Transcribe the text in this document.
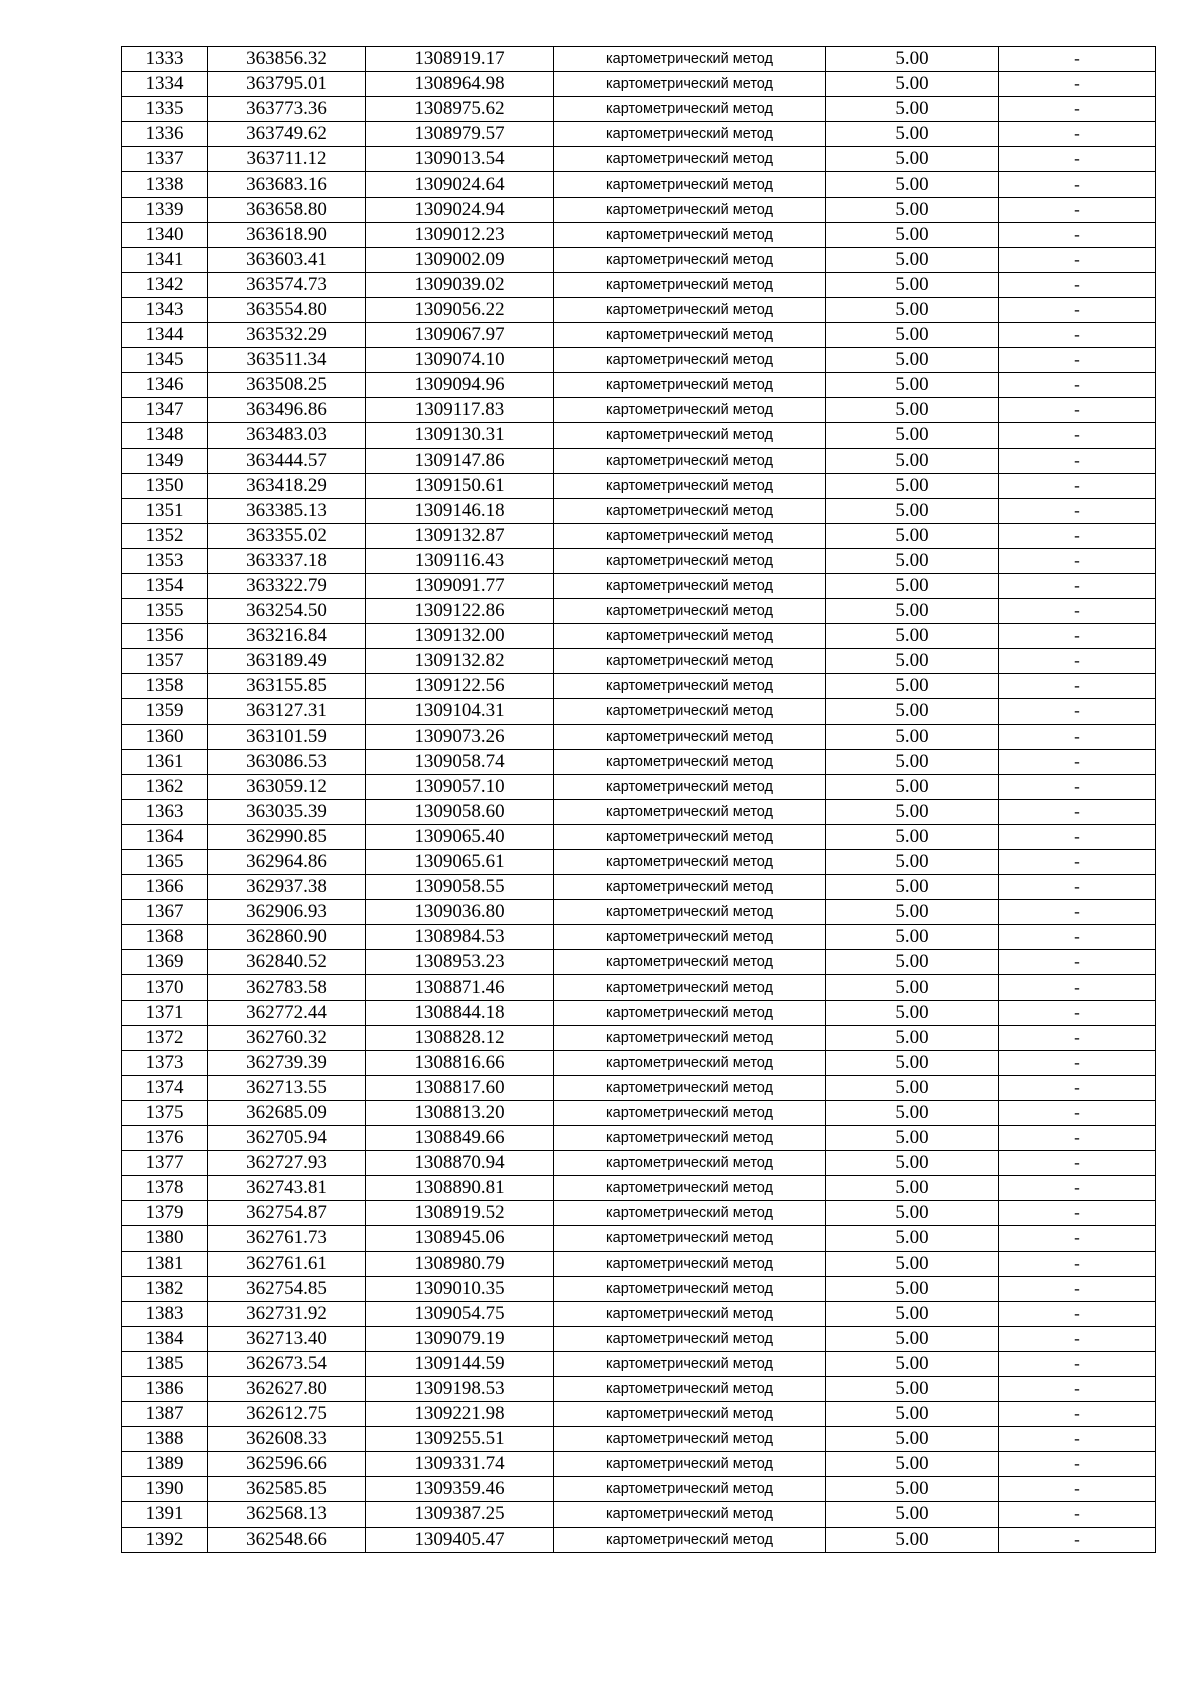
1333	363856.32	1308919.17	картометрический метод	5.00	-
1334	363795.01	1308964.98	картометрический метод	5.00	-
1335	363773.36	1308975.62	картометрический метод	5.00	-
1336	363749.62	1308979.57	картометрический метод	5.00	-
1337	363711.12	1309013.54	картометрический метод	5.00	-
1338	363683.16	1309024.64	картометрический метод	5.00	-
1339	363658.80	1309024.94	картометрический метод	5.00	-
1340	363618.90	1309012.23	картометрический метод	5.00	-
1341	363603.41	1309002.09	картометрический метод	5.00	-
1342	363574.73	1309039.02	картометрический метод	5.00	-
1343	363554.80	1309056.22	картометрический метод	5.00	-
1344	363532.29	1309067.97	картометрический метод	5.00	-
1345	363511.34	1309074.10	картометрический метод	5.00	-
1346	363508.25	1309094.96	картометрический метод	5.00	-
1347	363496.86	1309117.83	картометрический метод	5.00	-
1348	363483.03	1309130.31	картометрический метод	5.00	-
1349	363444.57	1309147.86	картометрический метод	5.00	-
1350	363418.29	1309150.61	картометрический метод	5.00	-
1351	363385.13	1309146.18	картометрический метод	5.00	-
1352	363355.02	1309132.87	картометрический метод	5.00	-
1353	363337.18	1309116.43	картометрический метод	5.00	-
1354	363322.79	1309091.77	картометрический метод	5.00	-
1355	363254.50	1309122.86	картометрический метод	5.00	-
1356	363216.84	1309132.00	картометрический метод	5.00	-
1357	363189.49	1309132.82	картометрический метод	5.00	-
1358	363155.85	1309122.56	картометрический метод	5.00	-
1359	363127.31	1309104.31	картометрический метод	5.00	-
1360	363101.59	1309073.26	картометрический метод	5.00	-
1361	363086.53	1309058.74	картометрический метод	5.00	-
1362	363059.12	1309057.10	картометрический метод	5.00	-
1363	363035.39	1309058.60	картометрический метод	5.00	-
1364	362990.85	1309065.40	картометрический метод	5.00	-
1365	362964.86	1309065.61	картометрический метод	5.00	-
1366	362937.38	1309058.55	картометрический метод	5.00	-
1367	362906.93	1309036.80	картометрический метод	5.00	-
1368	362860.90	1308984.53	картометрический метод	5.00	-
1369	362840.52	1308953.23	картометрический метод	5.00	-
1370	362783.58	1308871.46	картометрический метод	5.00	-
1371	362772.44	1308844.18	картометрический метод	5.00	-
1372	362760.32	1308828.12	картометрический метод	5.00	-
1373	362739.39	1308816.66	картометрический метод	5.00	-
1374	362713.55	1308817.60	картометрический метод	5.00	-
1375	362685.09	1308813.20	картометрический метод	5.00	-
1376	362705.94	1308849.66	картометрический метод	5.00	-
1377	362727.93	1308870.94	картометрический метод	5.00	-
1378	362743.81	1308890.81	картометрический метод	5.00	-
1379	362754.87	1308919.52	картометрический метод	5.00	-
1380	362761.73	1308945.06	картометрический метод	5.00	-
1381	362761.61	1308980.79	картометрический метод	5.00	-
1382	362754.85	1309010.35	картометрический метод	5.00	-
1383	362731.92	1309054.75	картометрический метод	5.00	-
1384	362713.40	1309079.19	картометрический метод	5.00	-
1385	362673.54	1309144.59	картометрический метод	5.00	-
1386	362627.80	1309198.53	картометрический метод	5.00	-
1387	362612.75	1309221.98	картометрический метод	5.00	-
1388	362608.33	1309255.51	картометрический метод	5.00	-
1389	362596.66	1309331.74	картометрический метод	5.00	-
1390	362585.85	1309359.46	картометрический метод	5.00	-
1391	362568.13	1309387.25	картометрический метод	5.00	-
1392	362548.66	1309405.47	картометрический метод	5.00	-
